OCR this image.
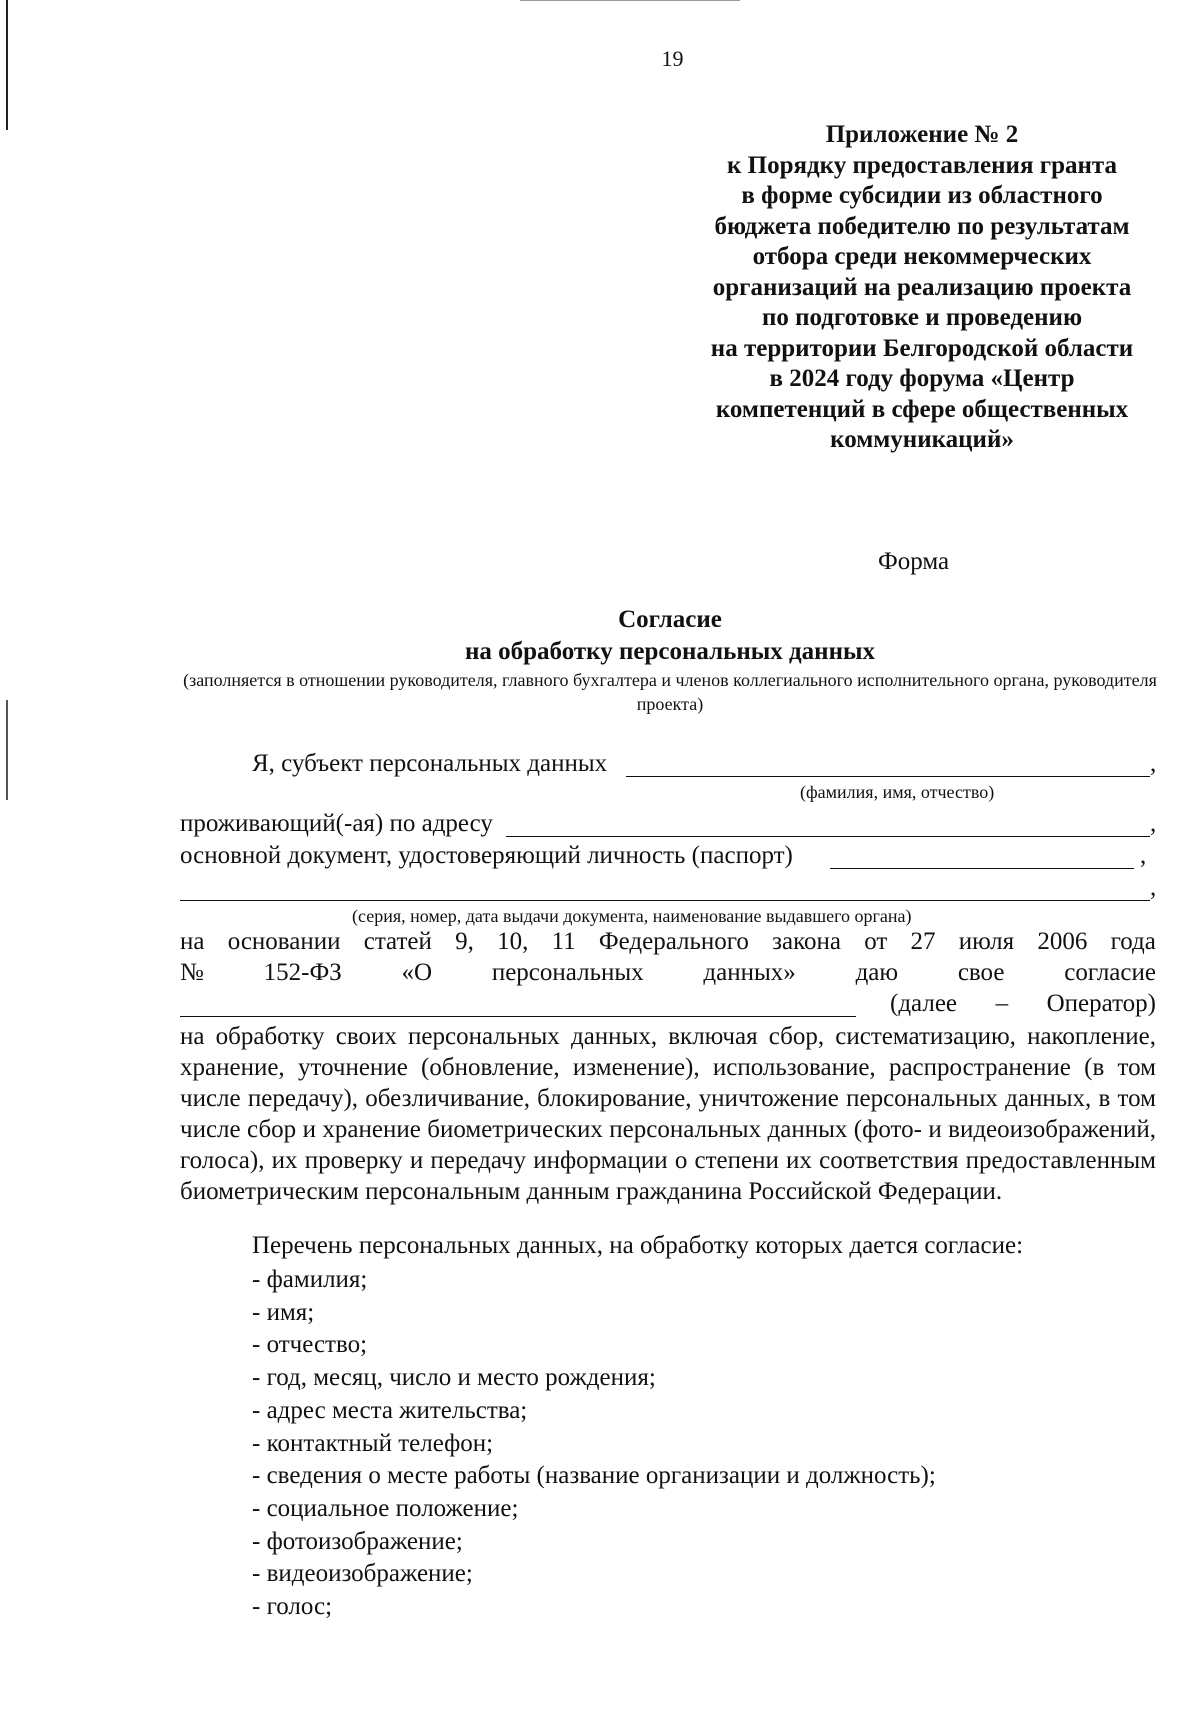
19
Приложение № 2
к Порядку предоставления гранта
в форме субсидии из областного
бюджета победителю по результатам
отбора среди некоммерческих
организаций на реализацию проекта
по подготовке и проведению
на территории Белгородской области
в 2024 году форума «Центр
компетенций в сфере общественных
коммуникаций»
Форма
Согласие
на обработку персональных данных
(заполняется в отношении руководителя, главного бухгалтера и членов коллегиального исполнительного органа, руководителя проекта)
Я, субъект персональных данных	,
(фамилия, имя, отчество)
проживающий(-ая) по адресу	,
основной документ, удостоверяющий личность (паспорт)	,
,
(серия, номер, дата выдачи документа, наименование выдавшего органа)
на основании статей 9, 10, 11 Федерального закона от 27 июля 2006 года
№ 152-ФЗ «О персональных данных» даю свое согласие
(далее – Оператор)
на обработку своих персональных данных, включая сбор, систематизацию, накопление, хранение, уточнение (обновление, изменение), использование, распространение (в том числе передачу), обезличивание, блокирование, уничтожение персональных данных, в том числе сбор и хранение биометрических персональных данных (фото- и видеоизображений, голоса), их проверку и передачу информации о степени их соответствия предоставленным биометрическим персональным данным гражданина Российской Федерации.
Перечень персональных данных, на обработку которых дается согласие:
- фамилия;
- имя;
- отчество;
- год, месяц, число и место рождения;
- адрес места жительства;
- контактный телефон;
- сведения о месте работы (название организации и должность);
- социальное положение;
- фотоизображение;
- видеоизображение;
- голос;
